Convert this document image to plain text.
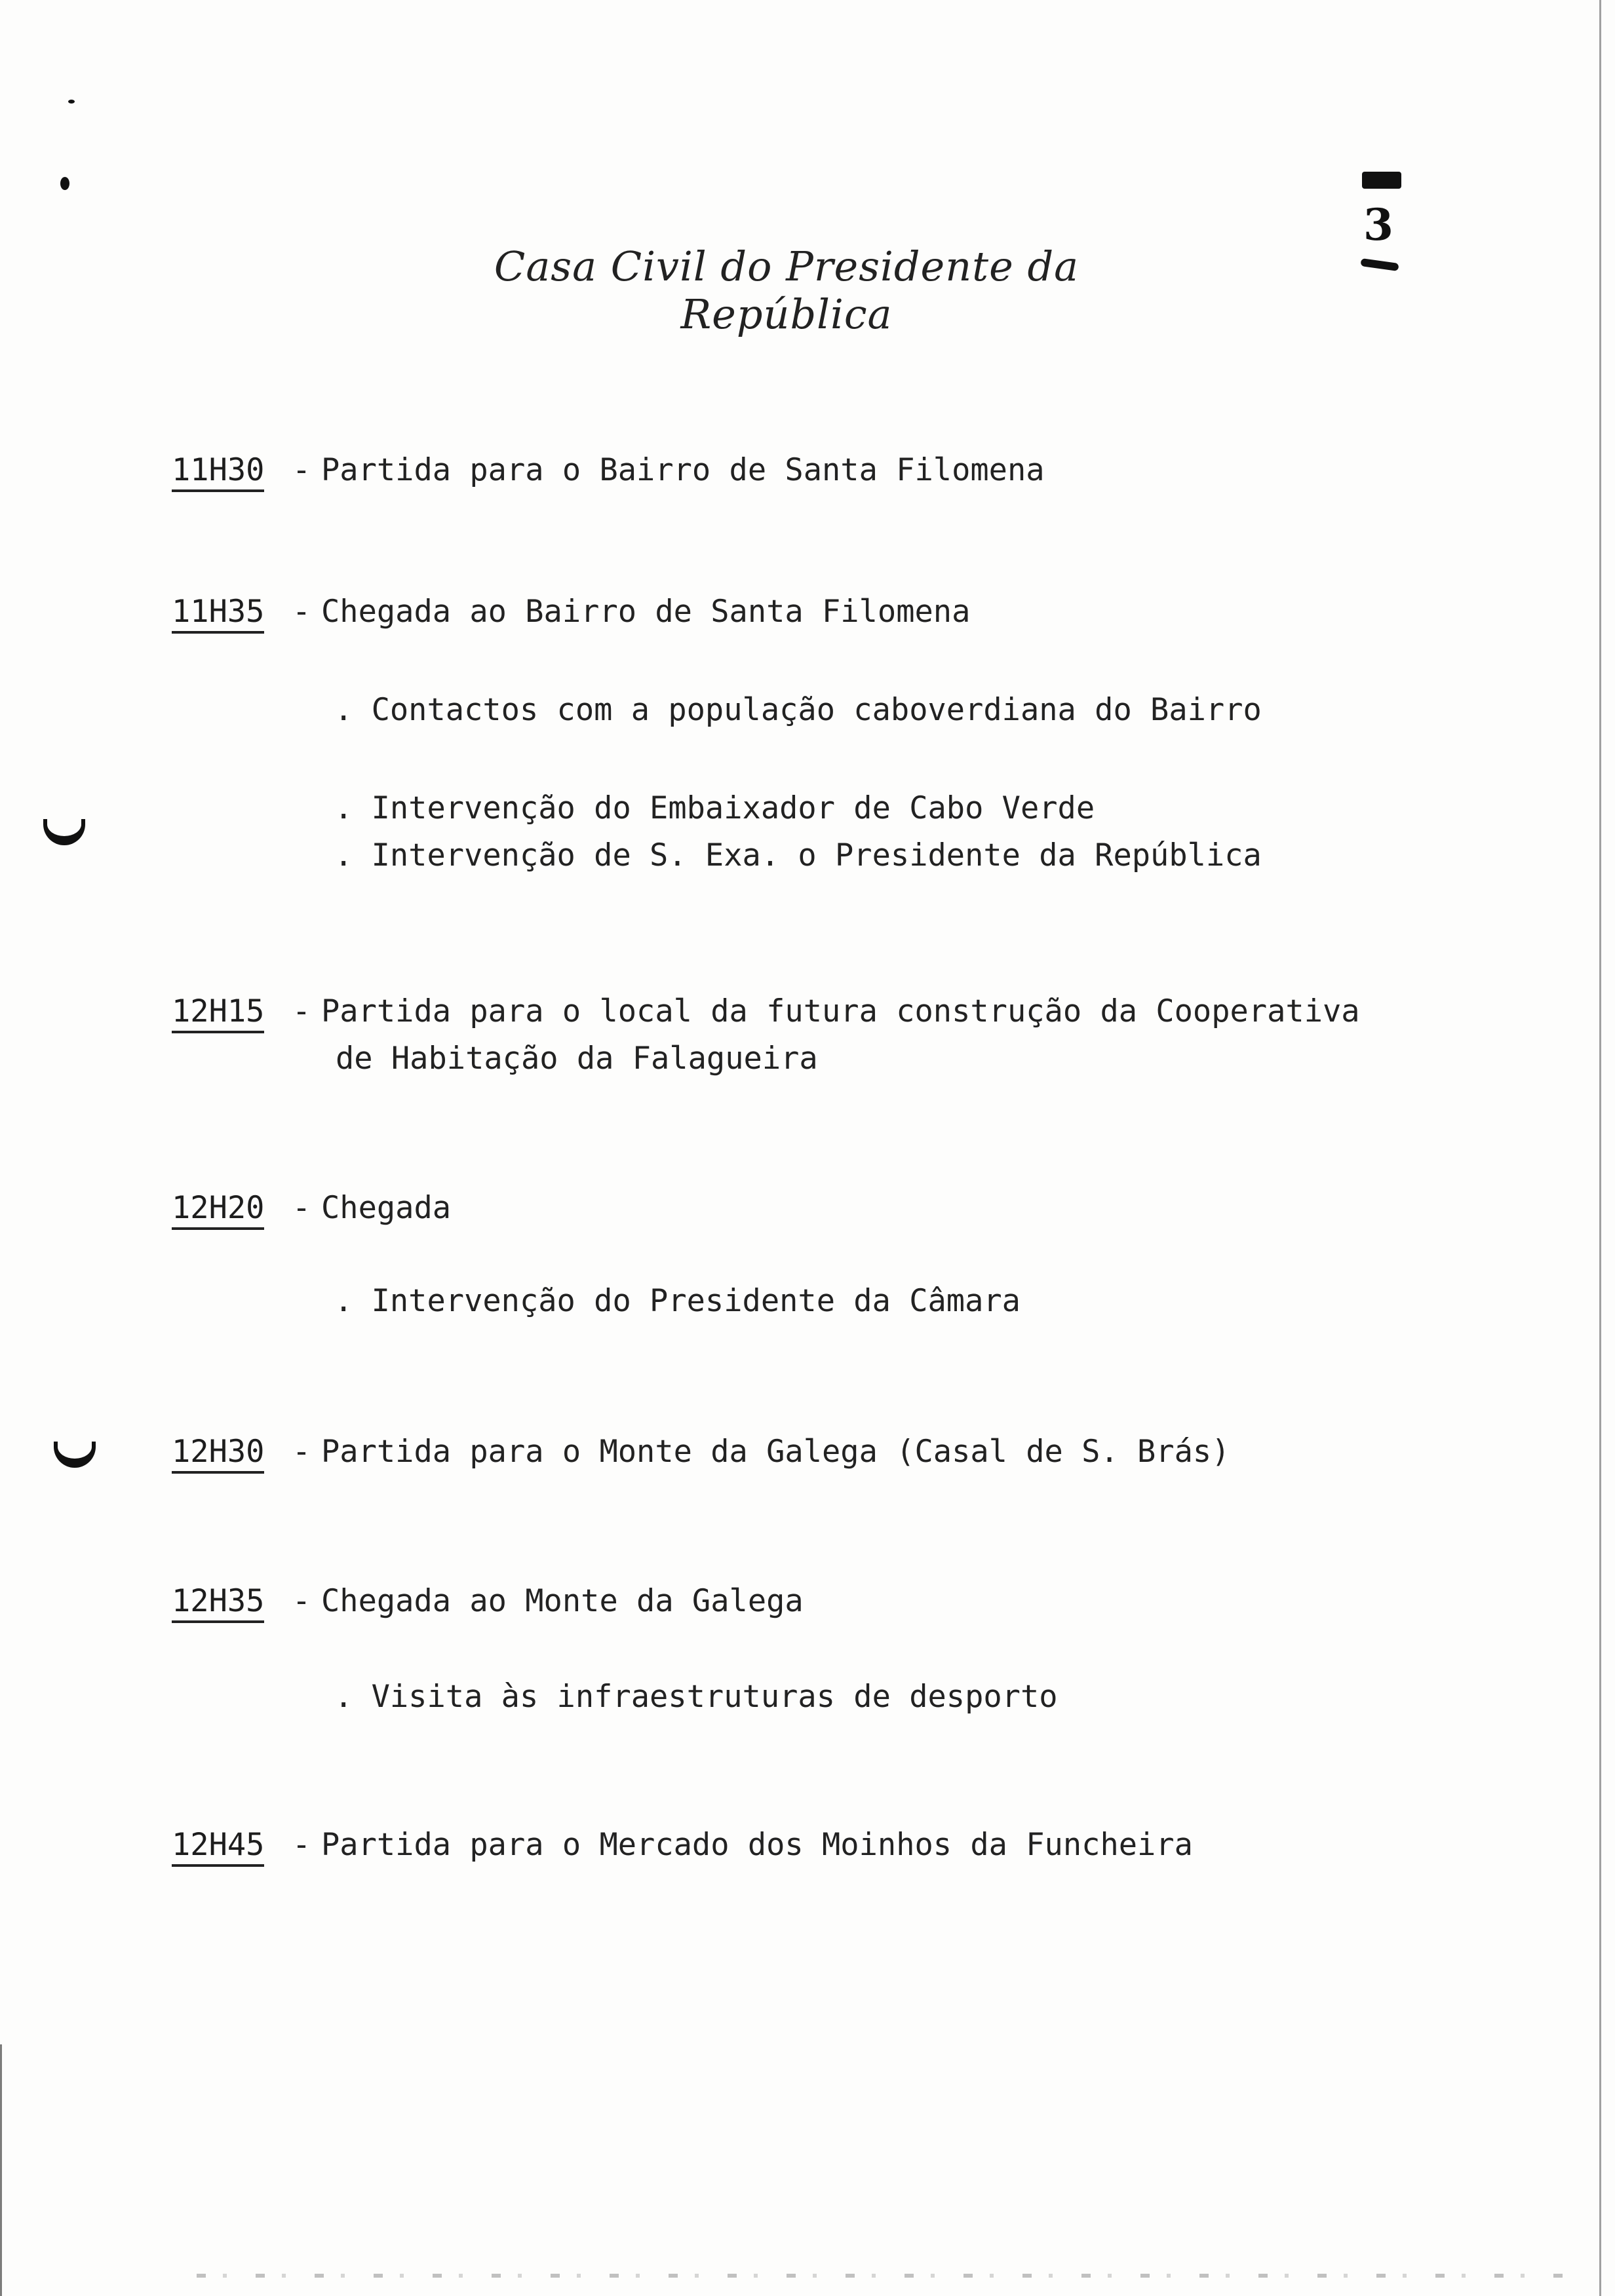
Casa Civil do Presidente da República
3
11H30 - Partida para o Bairro de Santa Filomena
11H35 - Chegada ao Bairro de Santa Filomena
. Contactos com a população caboverdiana do Bairro
. Intervenção do Embaixador de Cabo Verde
. Intervenção de S. Exa. o Presidente da República
12H15 - Partida para o local da futura construção da Cooperativa
de Habitação da Falagueira
12H20 - Chegada
. Intervenção do Presidente da Câmara
12H30 - Partida para o Monte da Galega (Casal de S. Brás)
12H35 - Chegada ao Monte da Galega
. Visita às infraestruturas de desporto
12H45 - Partida para o Mercado dos Moinhos da Funcheira
